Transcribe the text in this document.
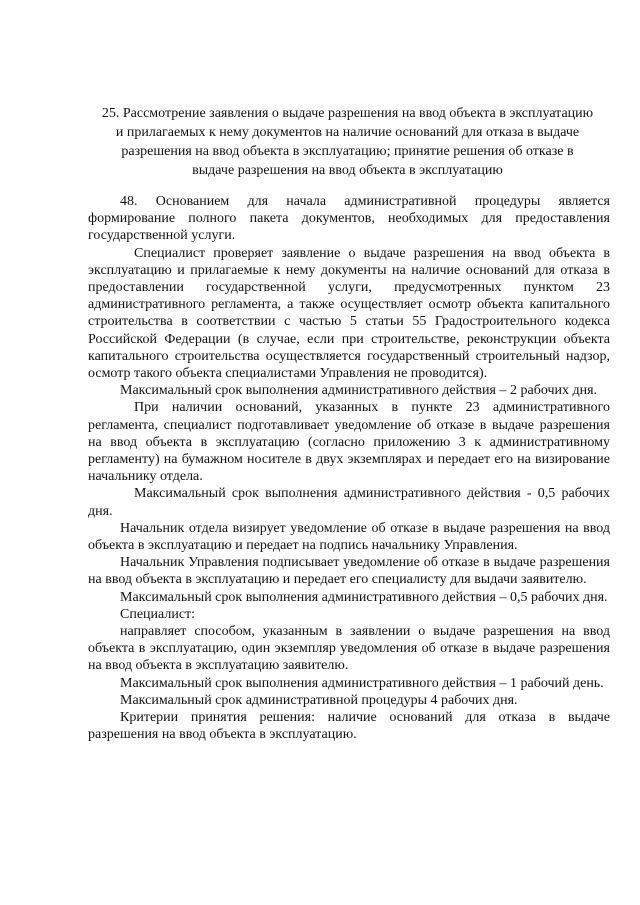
25. Рассмотрение заявления о выдаче разрешения на ввод объекта в эксплуатацию
и прилагаемых к нему документов на наличие оснований для отказа в выдаче
разрешения на ввод объекта в эксплуатацию; принятие решения об отказе в
выдаче разрешения на ввод объекта в эксплуатацию

48. Основанием для начала административной процедуры является формирование полного пакета документов, необходимых для предоставления государственной услуги.

Специалист проверяет заявление о выдаче разрешения на ввод объекта в эксплуатацию и прилагаемые к нему документы на наличие оснований для отказа в предоставлении государственной услуги, предусмотренных пунктом 23 административного регламента, а также осуществляет осмотр объекта капитального строительства в соответствии с частью 5 статьи 55 Градостроительного кодекса Российской Федерации (в случае, если при строительстве, реконструкции объекта капитального строительства осуществляется государственный строительный надзор, осмотр такого объекта специалистами Управления не проводится).

Максимальный срок выполнения административного действия – 2 рабочих дня.

При наличии оснований, указанных в пункте 23 административного регламента, специалист подготавливает уведомление об отказе в выдаче разрешения на ввод объекта в эксплуатацию (согласно приложению 3 к административному регламенту) на бумажном носителе в двух экземплярах и передает его на визирование начальнику отдела.

Максимальный срок выполнения административного действия - 0,5 рабочих дня.

Начальник отдела визирует уведомление об отказе в выдаче разрешения на ввод объекта в эксплуатацию и передает на подпись начальнику Управления.

Начальник Управления подписывает уведомление об отказе в выдаче разрешения на ввод объекта в эксплуатацию и передает его специалисту для выдачи заявителю.

Максимальный срок выполнения административного действия – 0,5 рабочих дня.

Специалист:

направляет способом, указанным в заявлении о выдаче разрешения на ввод объекта в эксплуатацию, один экземпляр уведомления об отказе в выдаче разрешения на ввод объекта в эксплуатацию заявителю.

Максимальный срок выполнения административного действия – 1 рабочий день.

Максимальный срок административной процедуры 4 рабочих дня.

Критерии принятия решения: наличие оснований для отказа в выдаче разрешения на ввод объекта в эксплуатацию.
